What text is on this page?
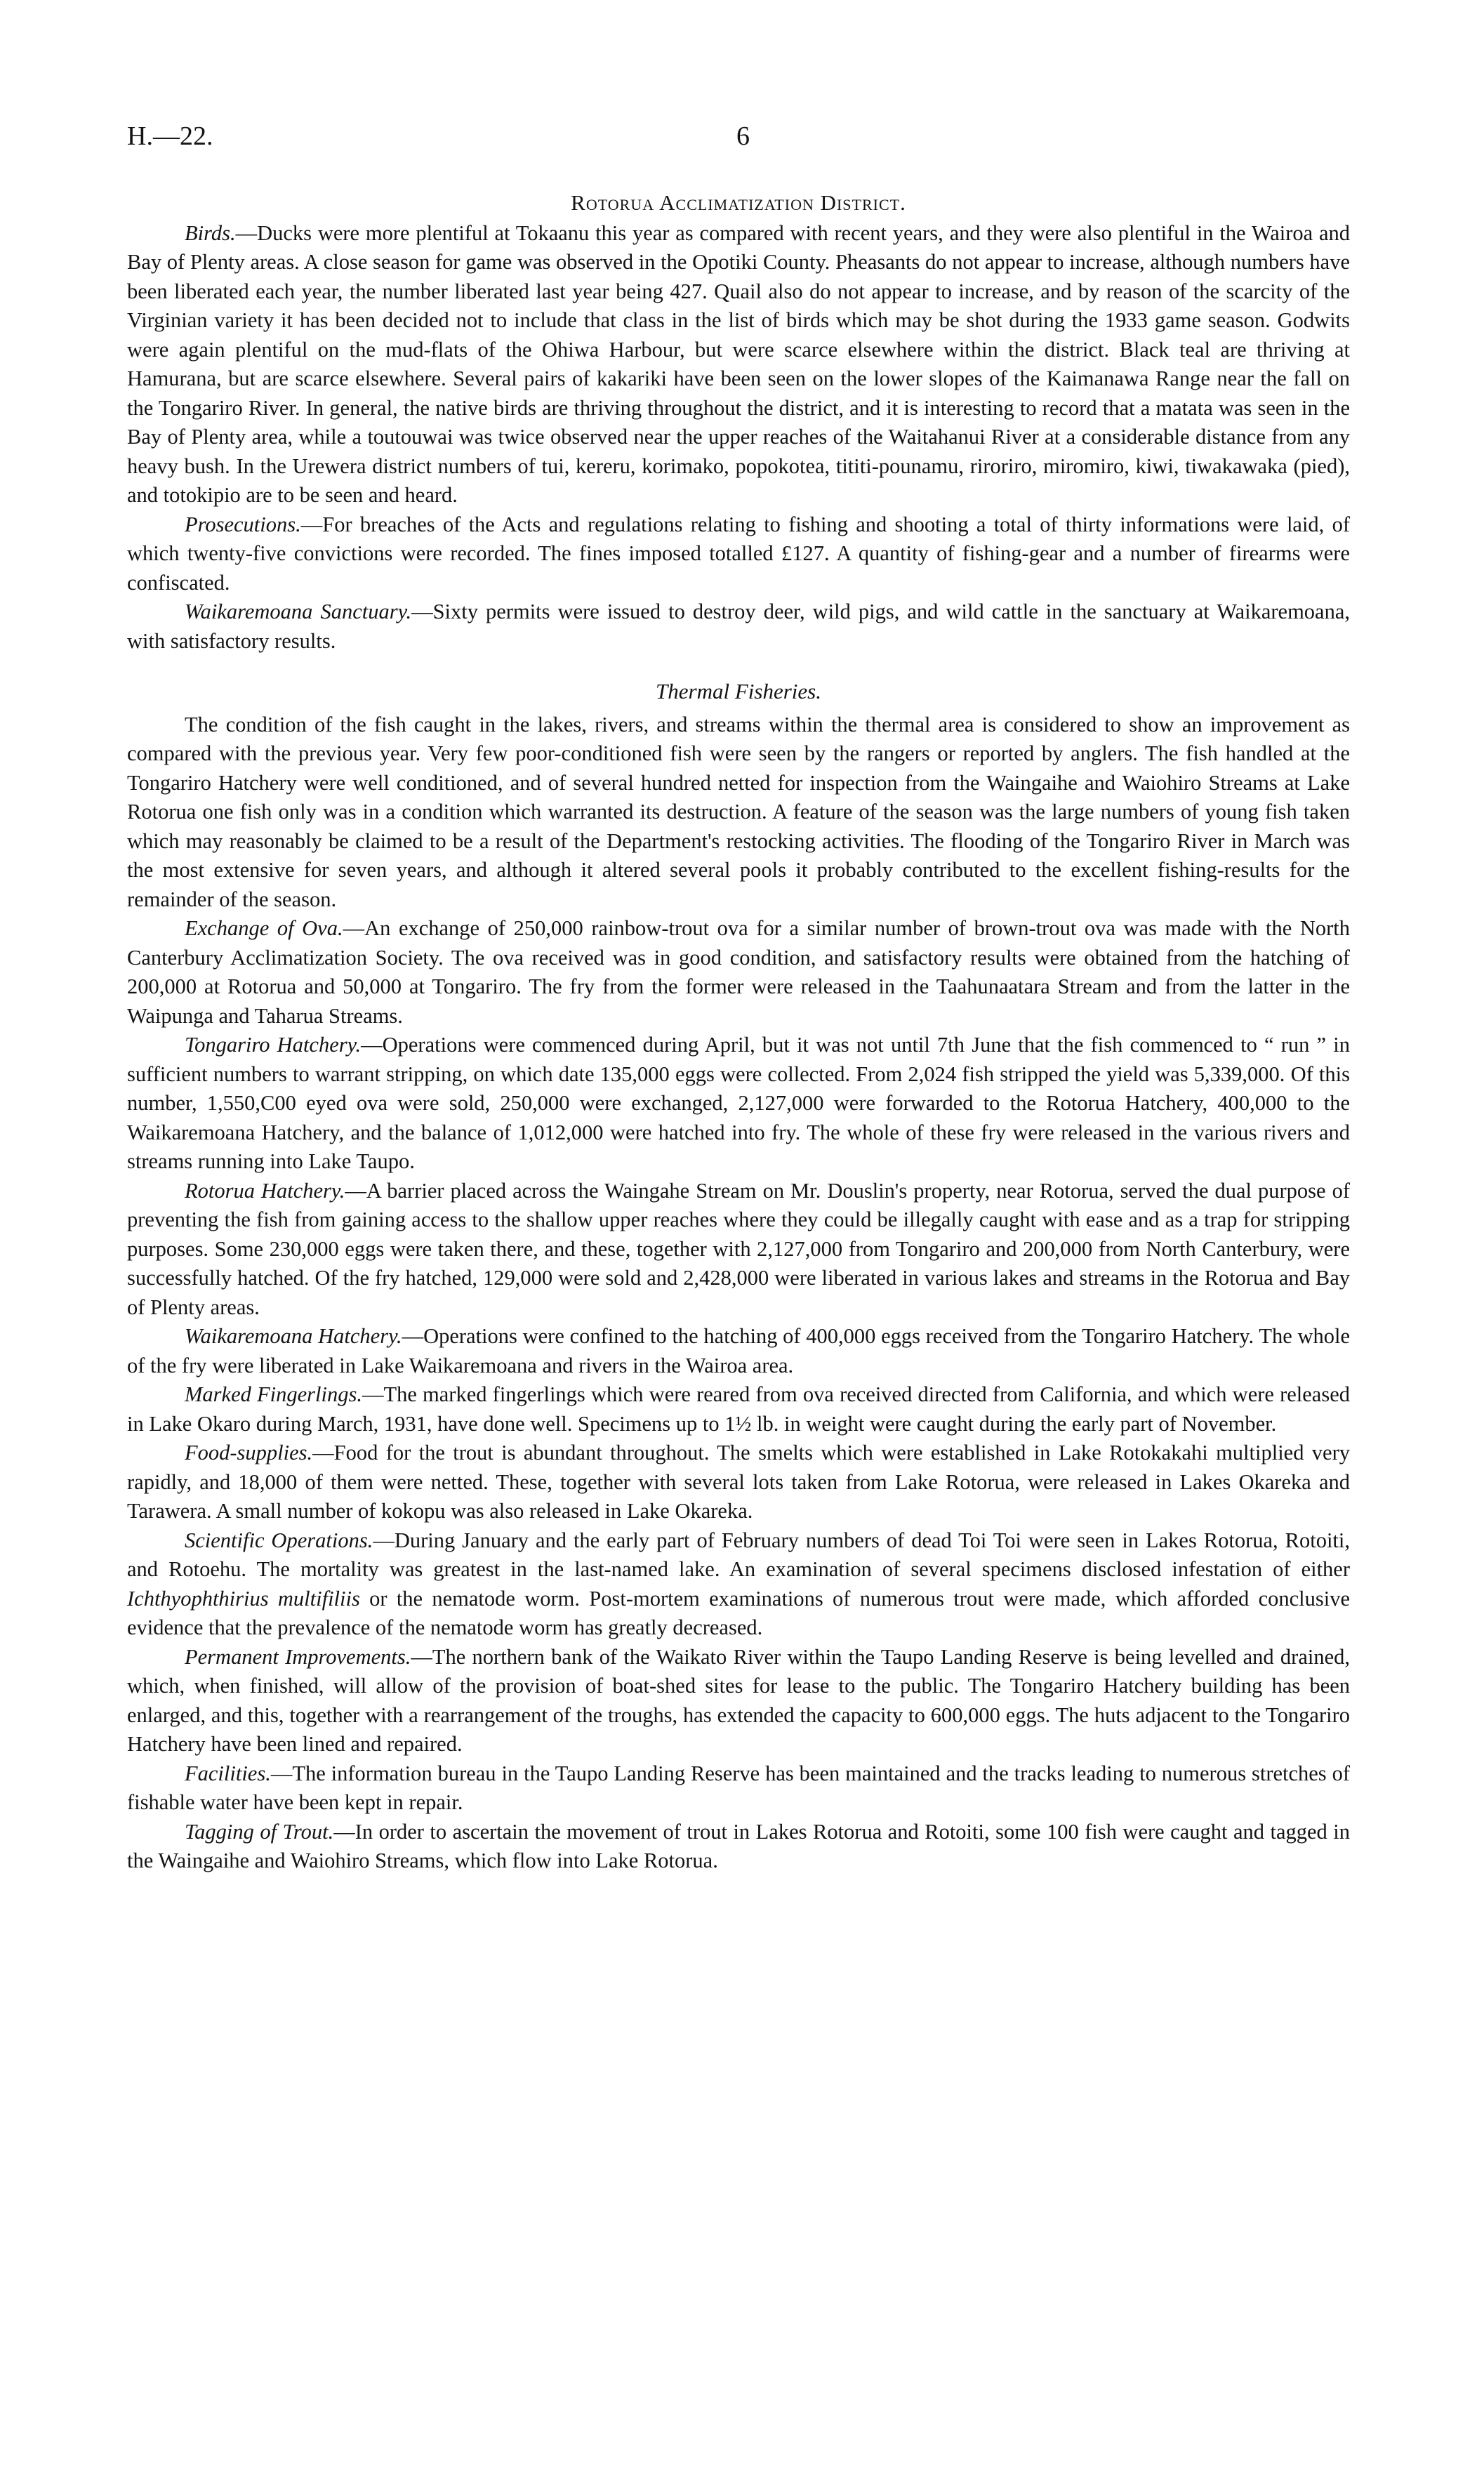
H.—22.	6
Rotorua Acclimatization District.

Birds.—Ducks were more plentiful at Tokaanu this year as compared with recent years, and they were also plentiful in the Wairoa and Bay of Plenty areas. A close season for game was observed in the Opotiki County. Pheasants do not appear to increase, although numbers have been liberated each year, the number liberated last year being 427. Quail also do not appear to increase, and by reason of the scarcity of the Virginian variety it has been decided not to include that class in the list of birds which may be shot during the 1933 game season. Godwits were again plentiful on the mud-flats of the Ohiwa Harbour, but were scarce elsewhere within the district. Black teal are thriving at Hamurana, but are scarce elsewhere. Several pairs of kakariki have been seen on the lower slopes of the Kaimanawa Range near the fall on the Tongariro River. In general, the native birds are thriving throughout the district, and it is interesting to record that a matata was seen in the Bay of Plenty area, while a toutouwai was twice observed near the upper reaches of the Waitahanui River at a considerable distance from any heavy bush. In the Urewera district numbers of tui, kereru, korimako, popokotea, tititi-pounamu, riroriro, miromiro, kiwi, tiwakawaka (pied), and totokipio are to be seen and heard.

Prosecutions.—For breaches of the Acts and regulations relating to fishing and shooting a total of thirty informations were laid, of which twenty-five convictions were recorded. The fines imposed totalled £127. A quantity of fishing-gear and a number of firearms were confiscated.

Waikaremoana Sanctuary.—Sixty permits were issued to destroy deer, wild pigs, and wild cattle in the sanctuary at Waikaremoana, with satisfactory results.

Thermal Fisheries.

The condition of the fish caught in the lakes, rivers, and streams within the thermal area is considered to show an improvement as compared with the previous year. Very few poor-conditioned fish were seen by the rangers or reported by anglers. The fish handled at the Tongariro Hatchery were well conditioned, and of several hundred netted for inspection from the Waingaihe and Waiohiro Streams at Lake Rotorua one fish only was in a condition which warranted its destruction. A feature of the season was the large numbers of young fish taken which may reasonably be claimed to be a result of the Department's restocking activities. The flooding of the Tongariro River in March was the most extensive for seven years, and although it altered several pools it probably contributed to the excellent fishing-results for the remainder of the season.

Exchange of Ova.—An exchange of 250,000 rainbow-trout ova for a similar number of brown-trout ova was made with the North Canterbury Acclimatization Society. The ova received was in good condition, and satisfactory results were obtained from the hatching of 200,000 at Rotorua and 50,000 at Tongariro. The fry from the former were released in the Taahunaatara Stream and from the latter in the Waipunga and Taharua Streams.

Tongariro Hatchery.—Operations were commenced during April, but it was not until 7th June that the fish commenced to “ run ” in sufficient numbers to warrant stripping, on which date 135,000 eggs were collected. From 2,024 fish stripped the yield was 5,339,000. Of this number, 1,550,C00 eyed ova were sold, 250,000 were exchanged, 2,127,000 were forwarded to the Rotorua Hatchery, 400,000 to the Waikaremoana Hatchery, and the balance of 1,012,000 were hatched into fry. The whole of these fry were released in the various rivers and streams running into Lake Taupo.

Rotorua Hatchery.—A barrier placed across the Waingahe Stream on Mr. Douslin's property, near Rotorua, served the dual purpose of preventing the fish from gaining access to the shallow upper reaches where they could be illegally caught with ease and as a trap for stripping purposes. Some 230,000 eggs were taken there, and these, together with 2,127,000 from Tongariro and 200,000 from North Canterbury, were successfully hatched. Of the fry hatched, 129,000 were sold and 2,428,000 were liberated in various lakes and streams in the Rotorua and Bay of Plenty areas.

Waikaremoana Hatchery.—Operations were confined to the hatching of 400,000 eggs received from the Tongariro Hatchery. The whole of the fry were liberated in Lake Waikaremoana and rivers in the Wairoa area.

Marked Fingerlings.—The marked fingerlings which were reared from ova received directed from California, and which were released in Lake Okaro during March, 1931, have done well. Specimens up to 1½ lb. in weight were caught during the early part of November.

Food-supplies.—Food for the trout is abundant throughout. The smelts which were established in Lake Rotokakahi multiplied very rapidly, and 18,000 of them were netted. These, together with several lots taken from Lake Rotorua, were released in Lakes Okareka and Tarawera. A small number of kokopu was also released in Lake Okareka.

Scientific Operations.—During January and the early part of February numbers of dead Toi Toi were seen in Lakes Rotorua, Rotoiti, and Rotoehu. The mortality was greatest in the last-named lake. An examination of several specimens disclosed infestation of either Ichthyophthirius multifiliis or the nematode worm. Post-mortem examinations of numerous trout were made, which afforded conclusive evidence that the prevalence of the nematode worm has greatly decreased.

Permanent Improvements.—The northern bank of the Waikato River within the Taupo Landing Reserve is being levelled and drained, which, when finished, will allow of the provision of boat-shed sites for lease to the public. The Tongariro Hatchery building has been enlarged, and this, together with a rearrangement of the troughs, has extended the capacity to 600,000 eggs. The huts adjacent to the Tongariro Hatchery have been lined and repaired.

Facilities.—The information bureau in the Taupo Landing Reserve has been maintained and the tracks leading to numerous stretches of fishable water have been kept in repair.

Tagging of Trout.—In order to ascertain the movement of trout in Lakes Rotorua and Rotoiti, some 100 fish were caught and tagged in the Waingaihe and Waiohiro Streams, which flow into Lake Rotorua.
